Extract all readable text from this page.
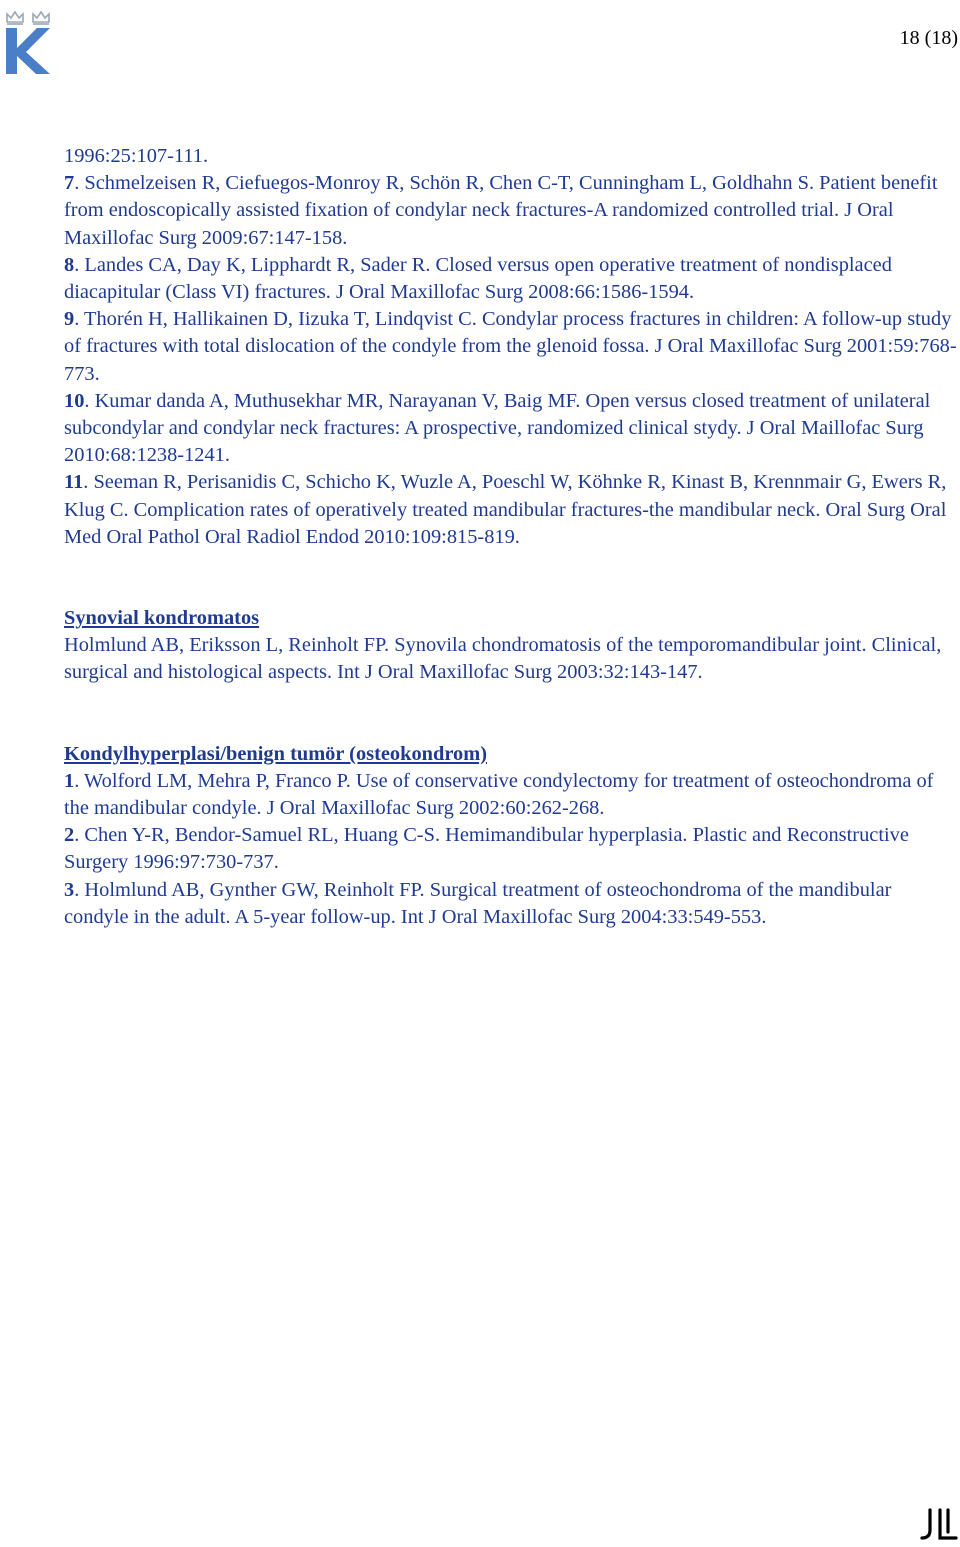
18 (18)

1996:25:107-111.

7. Schmelzeisen R, Ciefuegos-Monroy R, Schön R, Chen C-T, Cunningham L, Goldhahn S. Patient benefit from endoscopically assisted fixation of condylar neck fractures-A randomized controlled trial. J Oral Maxillofac Surg 2009:67:147-158.

8. Landes CA, Day K, Lipphardt R, Sader R. Closed versus open operative treatment of nondisplaced diacapitular (Class VI) fractures. J Oral Maxillofac Surg 2008:66:1586-1594.

9. Thorén H, Hallikainen D, Iizuka T, Lindqvist C. Condylar process fractures in children: A follow-up study of fractures with total dislocation of the condyle from the glenoid fossa. J Oral Maxillofac Surg 2001:59:768-773.

10. Kumar danda A, Muthusekhar MR, Narayanan V, Baig MF. Open versus closed treatment of unilateral subcondylar and condylar neck fractures: A prospective, randomized clinical stydy. J Oral Maillofac Surg 2010:68:1238-1241.

11. Seeman R, Perisanidis C, Schicho K, Wuzle A, Poeschl W, Köhnke R, Kinast B, Krennmair G, Ewers R, Klug C. Complication rates of operatively treated mandibular fractures-the mandibular neck. Oral Surg Oral Med Oral Pathol Oral Radiol Endod 2010:109:815-819.

Synovial kondromatos

Holmlund AB, Eriksson L, Reinholt FP. Synovila chondromatosis of the temporomandibular joint. Clinical, surgical and histological aspects. Int J Oral Maxillofac Surg 2003:32:143-147.

Kondylhyperplasi/benign tumör (osteokondrom)

1. Wolford LM, Mehra P, Franco P. Use of conservative condylectomy for treatment of osteochondroma of the mandibular condyle. J Oral Maxillofac Surg 2002:60:262-268.

2. Chen Y-R, Bendor-Samuel RL, Huang C-S. Hemimandibular hyperplasia. Plastic and Reconstructive Surgery 1996:97:730-737.

3. Holmlund AB, Gynther GW, Reinholt FP. Surgical treatment of osteochondroma of the mandibular condyle in the adult. A 5-year follow-up. Int J Oral Maxillofac Surg 2004:33:549-553.
